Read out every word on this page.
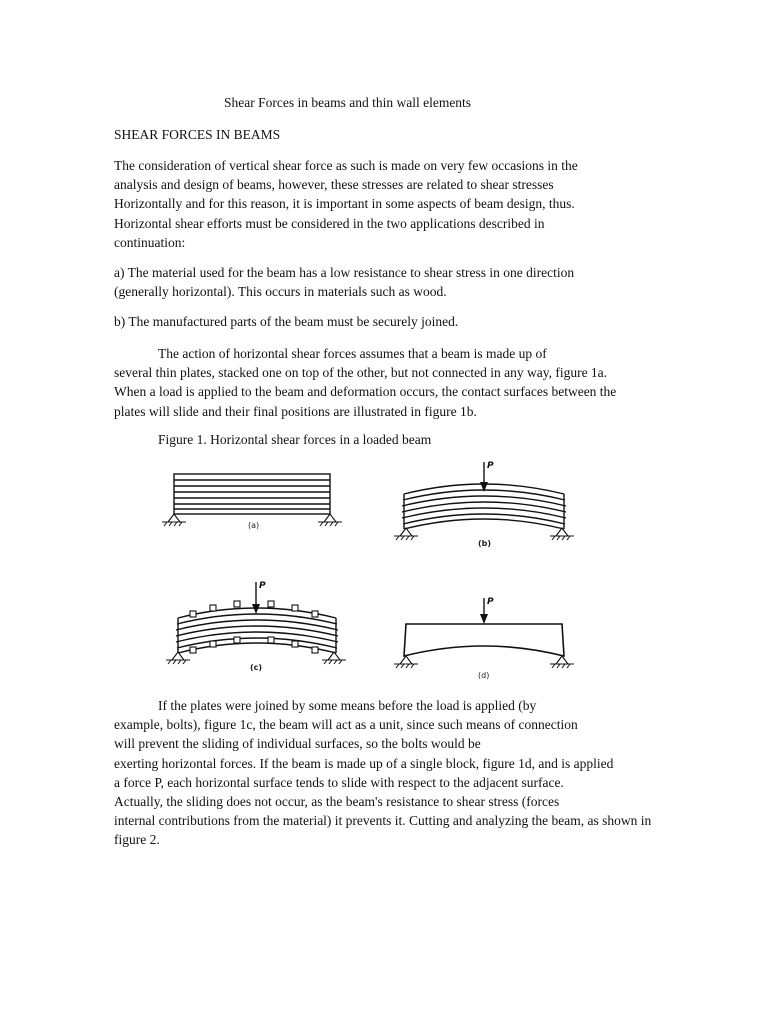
Shear Forces in beams and thin wall elements
SHEAR FORCES IN BEAMS
The consideration of vertical shear force as such is made on very few occasions in the
analysis and design of beams, however, these stresses are related to shear stresses
Horizontally and for this reason, it is important in some aspects of beam design, thus.
Horizontal shear efforts must be considered in the two applications described in
continuation:
a) The material used for the beam has a low resistance to shear stress in one direction
(generally horizontal). This occurs in materials such as wood.
b) The manufactured parts of the beam must be securely joined.
The action of horizontal shear forces assumes that a beam is made up of
several thin plates, stacked one on top of the other, but not connected in any way, figure 1a.
When a load is applied to the beam and deformation occurs, the contact surfaces between the
plates will slide and their final positions are illustrated in figure 1b.
Figure 1. Horizontal shear forces in a loaded beam
(a)
P
(b)
P
(c)
P
(d)
If the plates were joined by some means before the load is applied (by
example, bolts), figure 1c, the beam will act as a unit, since such means of connection
will prevent the sliding of individual surfaces, so the bolts would be
exerting horizontal forces. If the beam is made up of a single block, figure 1d, and is applied
a force P, each horizontal surface tends to slide with respect to the adjacent surface.
Actually, the sliding does not occur, as the beam's resistance to shear stress (forces
internal contributions from the material) it prevents it. Cutting and analyzing the beam, as shown in
figure 2.
